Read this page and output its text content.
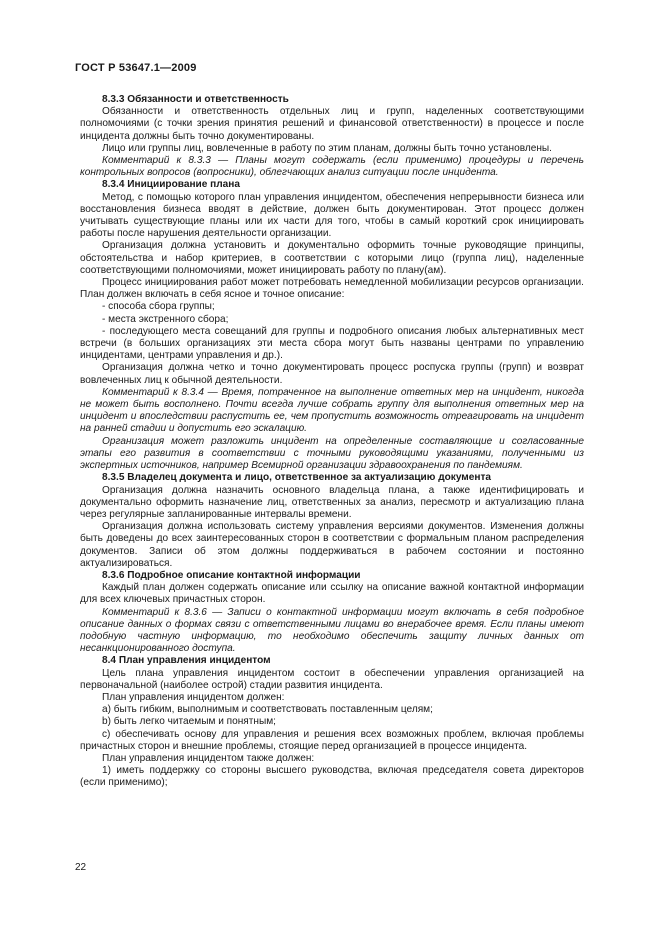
ГОСТ Р 53647.1—2009
8.3.3 Обязанности и ответственность

Обязанности и ответственность отдельных лиц и групп, наделенных соответствующими полномочиями (с точки зрения принятия решений и финансовой ответственности) в процессе и после инцидента должны быть точно документированы.

Лицо или группы лиц, вовлеченные в работу по этим планам, должны быть точно установлены.

Комментарий к 8.3.3 — Планы могут содержать (если применимо) процедуры и перечень контрольных вопросов (вопросники), облегчающих анализ ситуации после инцидента.

8.3.4 Инициирование плана

Метод, с помощью которого план управления инцидентом, обеспечения непрерывности бизнеса или восстановления бизнеса вводят в действие, должен быть документирован. Этот процесс должен учитывать существующие планы или их части для того, чтобы в самый короткий срок инициировать работы после нарушения деятельности организации.

Организация должна установить и документально оформить точные руководящие принципы, обстоятельства и набор критериев, в соответствии с которыми лицо (группа лиц), наделенные соответствующими полномочиями, может инициировать работу по плану(ам).

Процесс инициирования работ может потребовать немедленной мобилизации ресурсов организации. План должен включать в себя ясное и точное описание:

- способа сбора группы;

- места экстренного сбора;

- последующего места совещаний для группы и подробного описания любых альтернативных мест встречи (в больших организациях эти места сбора могут быть названы центрами по управлению инцидентами, центрами управления и др.).

Организация должна четко и точно документировать процесс роспуска группы (групп) и возврат вовлеченных лиц к обычной деятельности.

Комментарий к 8.3.4 — Время, потраченное на выполнение ответных мер на инцидент, никогда не может быть восполнено. Почти всегда лучше собрать группу для выполнения ответных мер на инцидент и впоследствии распустить ее, чем пропустить возможность отреагировать на инцидент на ранней стадии и допустить его эскалацию.

Организация может разложить инцидент на определенные составляющие и согласованные этапы его развития в соответствии с точными руководящими указаниями, полученными из экспертных источников, например Всемирной организации здравоохранения по пандемиям.

8.3.5 Владелец документа и лицо, ответственное за актуализацию документа

Организация должна назначить основного владельца плана, а также идентифицировать и документально оформить назначение лиц, ответственных за анализ, пересмотр и актуализацию плана через регулярные запланированные интервалы времени.

Организация должна использовать систему управления версиями документов. Изменения должны быть доведены до всех заинтересованных сторон в соответствии с формальным планом распределения документов. Записи об этом должны поддерживаться в рабочем состоянии и постоянно актуализироваться.

8.3.6 Подробное описание контактной информации

Каждый план должен содержать описание или ссылку на описание важной контактной информации для всех ключевых причастных сторон.

Комментарий к 8.3.6 — Записи о контактной информации могут включать в себя подробное описание данных о формах связи с ответственными лицами во внерабочее время. Если планы имеют подобную частную информацию, то необходимо обеспечить защиту личных данных от несанкционированного доступа.

8.4 План управления инцидентом

Цель плана управления инцидентом состоит в обеспечении управления организацией на первоначальной (наиболее острой) стадии развития инцидента.

План управления инцидентом должен:

а) быть гибким, выполнимым и соответствовать поставленным целям;

b) быть легко читаемым и понятным;

с) обеспечивать основу для управления и решения всех возможных проблем, включая проблемы причастных сторон и внешние проблемы, стоящие перед организацией в процессе инцидента.

План управления инцидентом также должен:

1) иметь поддержку со стороны высшего руководства, включая председателя совета директоров (если применимо);

22
